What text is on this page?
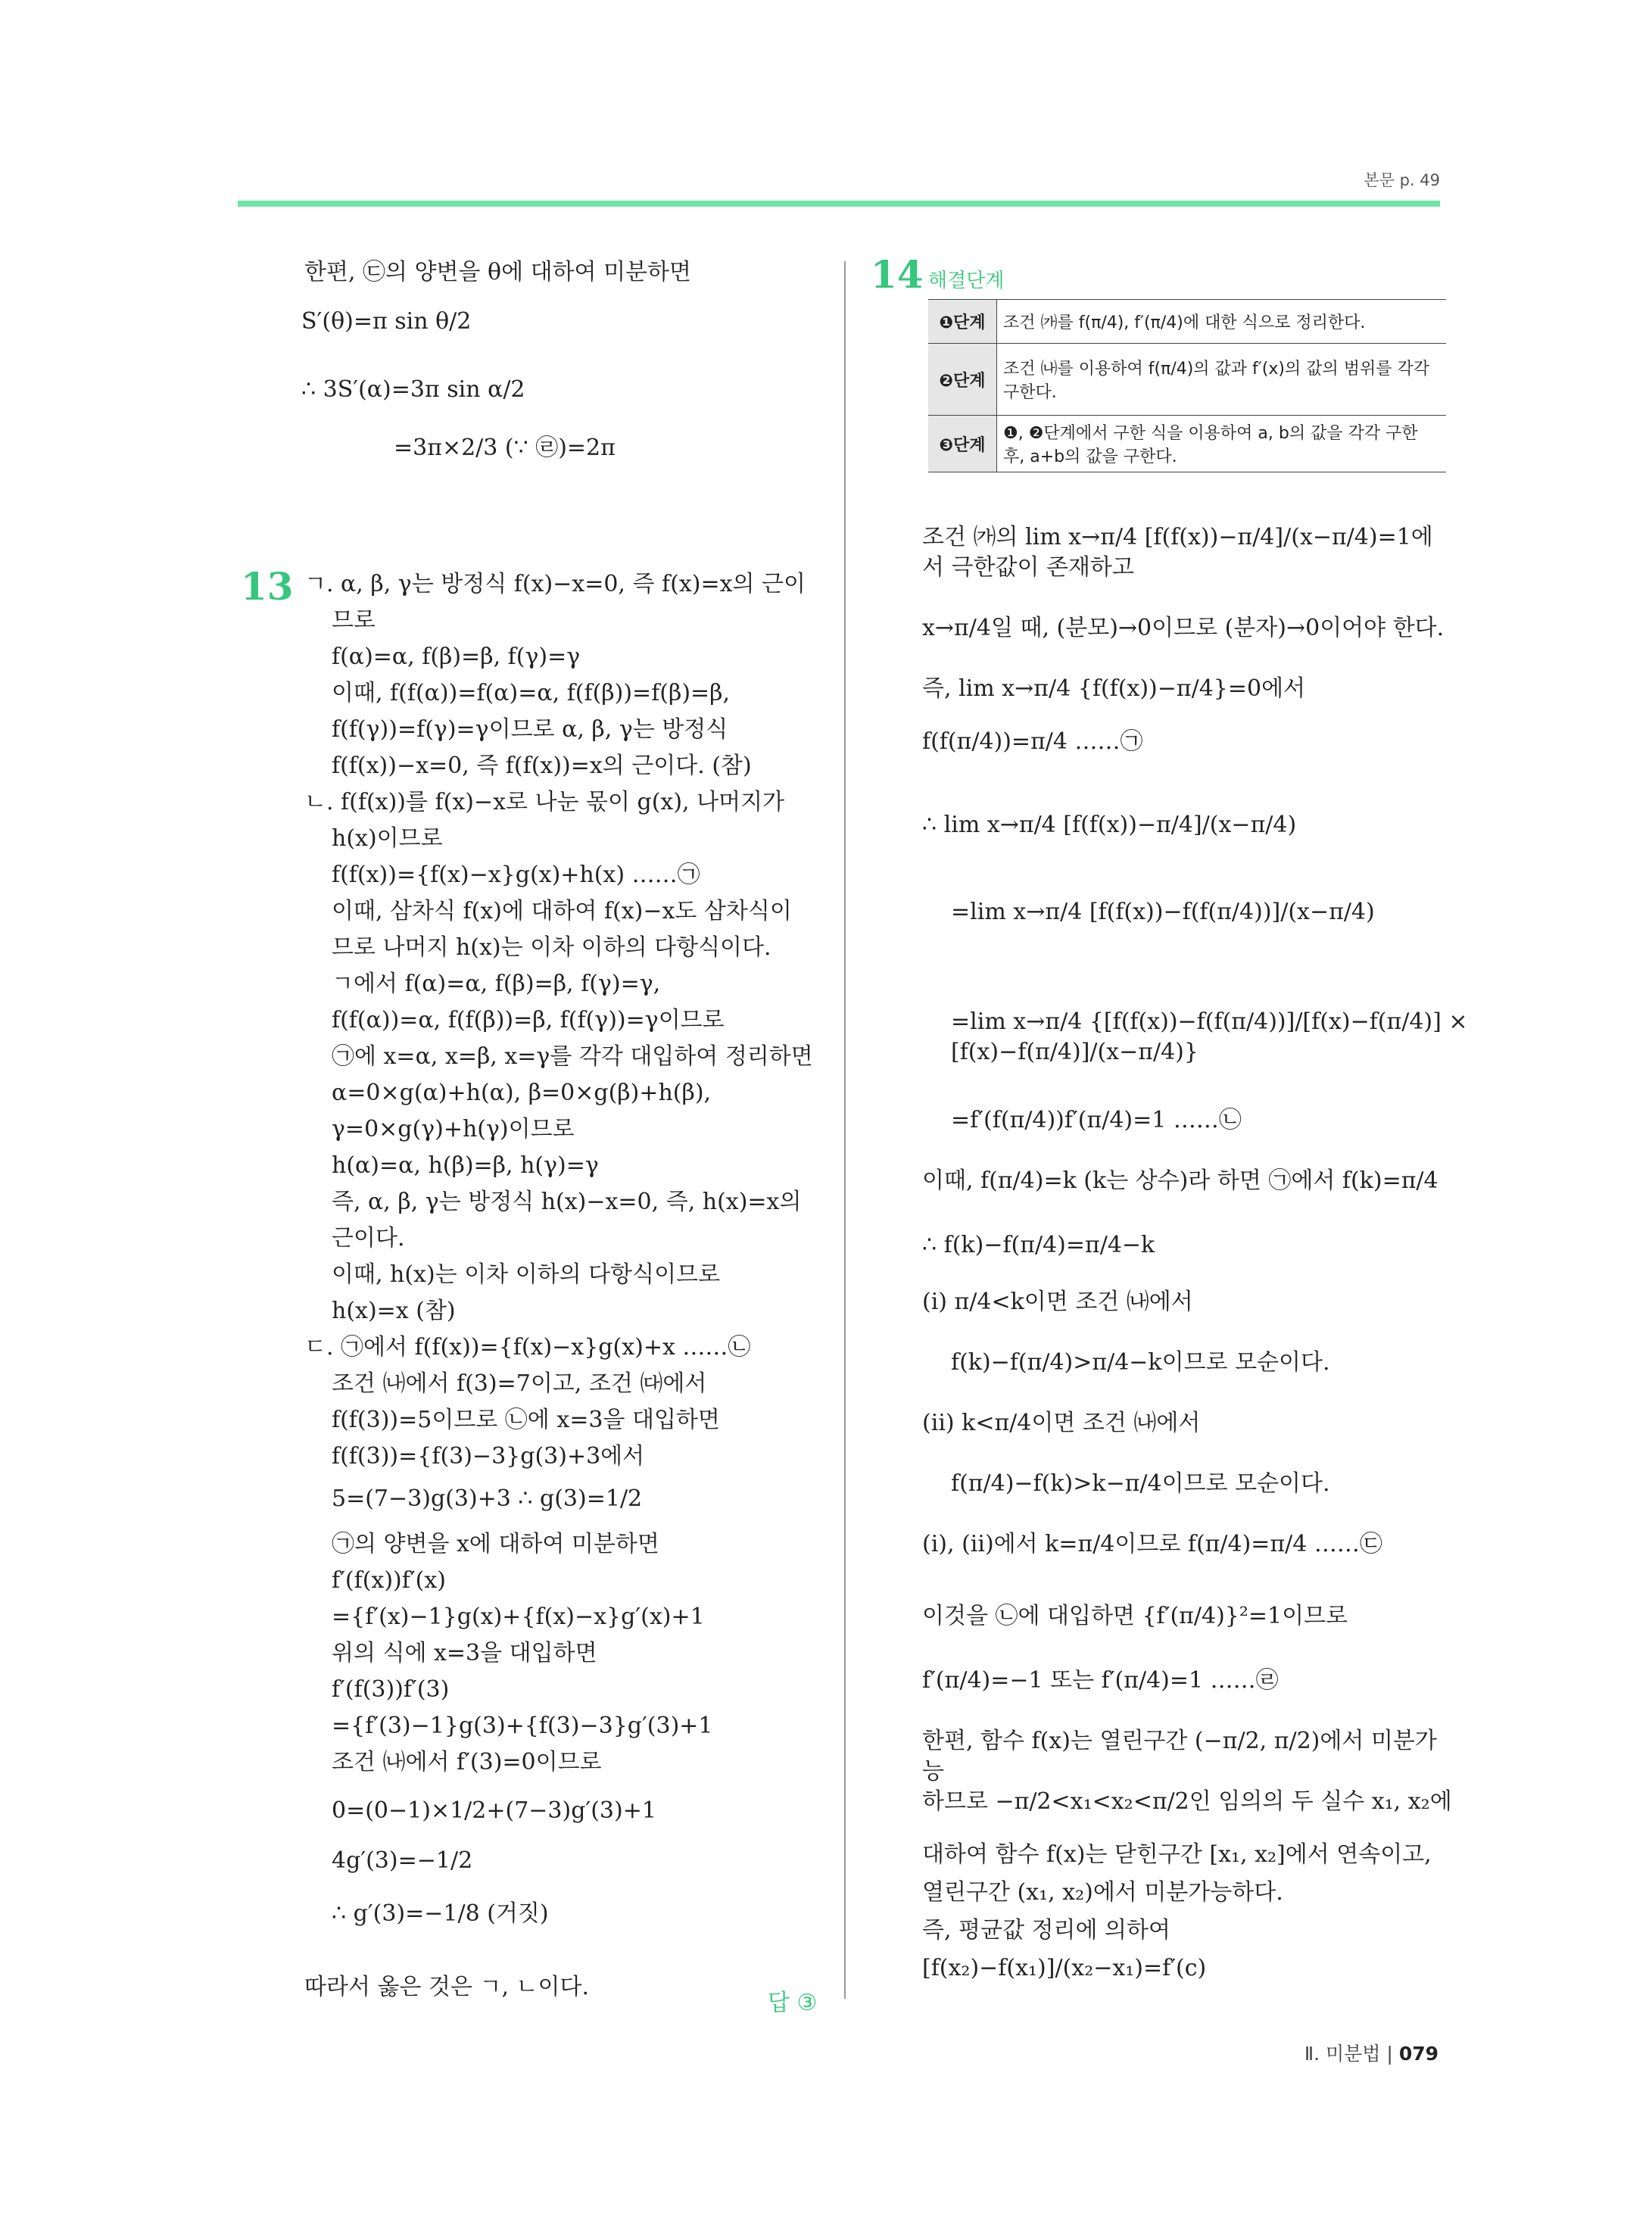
본문 p. 49
한편, ㉢의 양변을 θ에 대하여 미분하면
S′(θ)=π sin θ/2
∴ 3S′(α)=3π sin α/2
=3π×2/3 (∵ ㉣)=2π
13 ㄱ. α, β, γ는 방정식 f(x)−x=0, 즉 f(x)=x의 근이
므로
f(α)=α, f(β)=β, f(γ)=γ
이때, f(f(α))=f(α)=α, f(f(β))=f(β)=β,
f(f(γ))=f(γ)=γ이므로 α, β, γ는 방정식
f(f(x))−x=0, 즉 f(f(x))=x의 근이다. (참)
ㄴ. f(f(x))를 f(x)−x로 나눈 몫이 g(x), 나머지가
h(x)이므로
f(f(x))={f(x)−x}g(x)+h(x) ……㉠
이때, 삼차식 f(x)에 대하여 f(x)−x도 삼차식이
므로 나머지 h(x)는 이차 이하의 다항식이다.
ㄱ에서 f(α)=α, f(β)=β, f(γ)=γ,
f(f(α))=α, f(f(β))=β, f(f(γ))=γ이므로
㉠에 x=α, x=β, x=γ를 각각 대입하여 정리하면
α=0×g(α)+h(α), β=0×g(β)+h(β),
γ=0×g(γ)+h(γ)이므로
h(α)=α, h(β)=β, h(γ)=γ
즉, α, β, γ는 방정식 h(x)−x=0, 즉, h(x)=x의
근이다.
이때, h(x)는 이차 이하의 다항식이므로
h(x)=x (참)
ㄷ. ㉠에서 f(f(x))={f(x)−x}g(x)+x ……㉡
조건 ㈏에서 f(3)=7이고, 조건 ㈐에서
f(f(3))=5이므로 ㉡에 x=3을 대입하면
f(f(3))={f(3)−3}g(3)+3에서
5=(7−3)g(3)+3 ∴ g(3)=1/2
㉠의 양변을 x에 대하여 미분하면
f′(f(x))f′(x)
={f′(x)−1}g(x)+{f(x)−x}g′(x)+1
위의 식에 x=3을 대입하면
f′(f(3))f′(3)
={f′(3)−1}g(3)+{f(3)−3}g′(3)+1
조건 ㈏에서 f′(3)=0이므로
0=(0−1)×1/2+(7−3)g′(3)+1
4g′(3)=−1/2
∴ g′(3)=−1/8 (거짓)
따라서 옳은 것은 ㄱ, ㄴ이다.
답 ③
14 해결단계
❶단계	조건 ㈎를 f(π/4), f′(π/4)에 대한 식으로 정리한다.
❷단계	조건 ㈏를 이용하여 f(π/4)의 값과 f′(x)의 값의 범위를 각각 구한다.
❸단계	❶, ❷단계에서 구한 식을 이용하여 a, b의 값을 각각 구한 후, a+b의 값을 구한다.
조건 ㈎의 lim x→π/4 [f(f(x))−π/4]/(x−π/4)=1에서 극한값이 존재하고
x→π/4일 때, (분모)→0이므로 (분자)→0이어야 한다.
즉, lim x→π/4 {f(f(x))−π/4}=0에서
f(f(π/4))=π/4 ……㉠
∴ lim x→π/4 [f(f(x))−π/4]/(x−π/4)
=lim x→π/4 [f(f(x))−f(f(π/4))]/(x−π/4)
=lim x→π/4 {[f(f(x))−f(f(π/4))]/[f(x)−f(π/4)] × [f(x)−f(π/4)]/(x−π/4)}
=f′(f(π/4))f′(π/4)=1 ……㉡
이때, f(π/4)=k (k는 상수)라 하면 ㉠에서 f(k)=π/4
∴ f(k)−f(π/4)=π/4−k
(ⅰ) π/4<k이면 조건 ㈏에서
f(k)−f(π/4)>π/4−k이므로 모순이다.
(ⅱ) k<π/4이면 조건 ㈏에서
f(π/4)−f(k)>k−π/4이므로 모순이다.
(ⅰ), (ⅱ)에서 k=π/4이므로 f(π/4)=π/4 ……㉢
이것을 ㉡에 대입하면 {f′(π/4)}²=1이므로
f′(π/4)=−1 또는 f′(π/4)=1 ……㉣
한편, 함수 f(x)는 열린구간 (−π/2, π/2)에서 미분가능
하므로 −π/2<x₁<x₂<π/2인 임의의 두 실수 x₁, x₂에
대하여 함수 f(x)는 닫힌구간 [x₁, x₂]에서 연속이고,
열린구간 (x₁, x₂)에서 미분가능하다.
즉, 평균값 정리에 의하여
[f(x₂)−f(x₁)]/(x₂−x₁)=f′(c)
Ⅱ. 미분법 | 079
